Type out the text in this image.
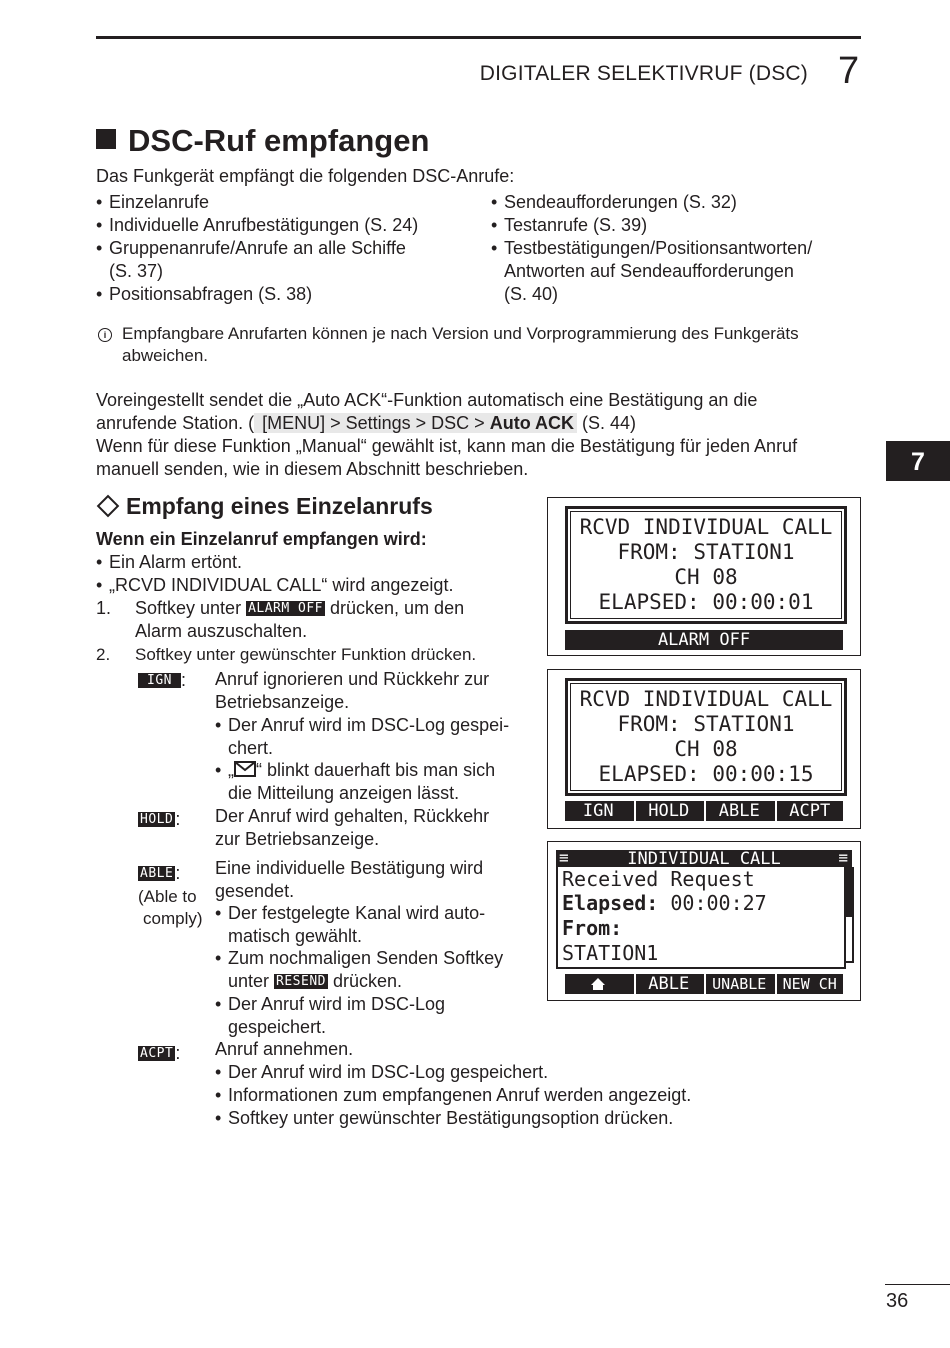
DIGITALER SELEKTIVRUF (DSC) 7
DSC-Ruf empfangen
Das Funkgerät empfängt die folgenden DSC-Anrufe:
• Einzelanrufe
• Individuelle Anrufbestätigungen (S. 24)
• Gruppenanrufe/Anrufe an alle Schiffe
(S. 37)
• Positionsabfragen (S. 38)
• Sendeaufforderungen (S. 32)
• Testanrufe (S. 39)
• Testbestätigungen/Positionsantworten/
Antworten auf Sendeaufforderungen
(S. 40)
i Empfangbare Anrufarten können je nach Version und Vorprogrammierung des Funkgeräts
abweichen.
Voreingestellt sendet die „Auto ACK“-Funktion automatisch eine Bestätigung an die
anrufende Station. ( [MENU] > Settings > DSC > Auto ACK (S. 44)
Wenn für diese Funktion „Manual“ gewählt ist, kann man die Bestätigung für jeden Anruf
manuell senden, wie in diesem Abschnitt beschrieben.	7
Empfang eines Einzelanrufs
Wenn ein Einzelanruf empfangen wird:
• Ein Alarm ertönt.
• „RCVD INDIVIDUAL CALL“ wird angezeigt.
1. Softkey unter ALARM OFF drücken, um den
Alarm auszuschalten.
2. Softkey unter gewünschter Funktion drücken.
IGN : Anruf ignorieren und Rückkehr zur
Betriebsanzeige.
• Der Anruf wird im DSC-Log gespei-
chert.
• „ “ blinkt dauerhaft bis man sich
die Mitteilung anzeigen lässt.
HOLD : Der Anruf wird gehalten, Rückkehr
zur Betriebsanzeige.
ABLE :
(Able to
comply)
Eine individuelle Bestätigung wird
gesendet.
• Der festgelegte Kanal wird auto-
matisch gewählt.
• Zum nochmaligen Senden Softkey
unter RESEND drücken.
• Der Anruf wird im DSC-Log
gespeichert.
ACPT : Anruf annehmen.
• Der Anruf wird im DSC-Log gespeichert.
• Informationen zum empfangenen Anruf werden angezeigt.
• Softkey unter gewünschter Bestätigungsoption drücken.
RCVD INDIVIDUAL CALL
FROM: STATION1
CH 08
ELAPSED: 00:00:01
ALARM OFF
RCVD INDIVIDUAL CALL
FROM: STATION1
CH 08
ELAPSED: 00:00:15
IGN	HOLD	ABLE	ACPT
≡	INDIVIDUAL CALL	≡
Received Request
Elapsed: 00:00:27
From:
STATION1
ABLE	UNABLE	NEW CH
36
